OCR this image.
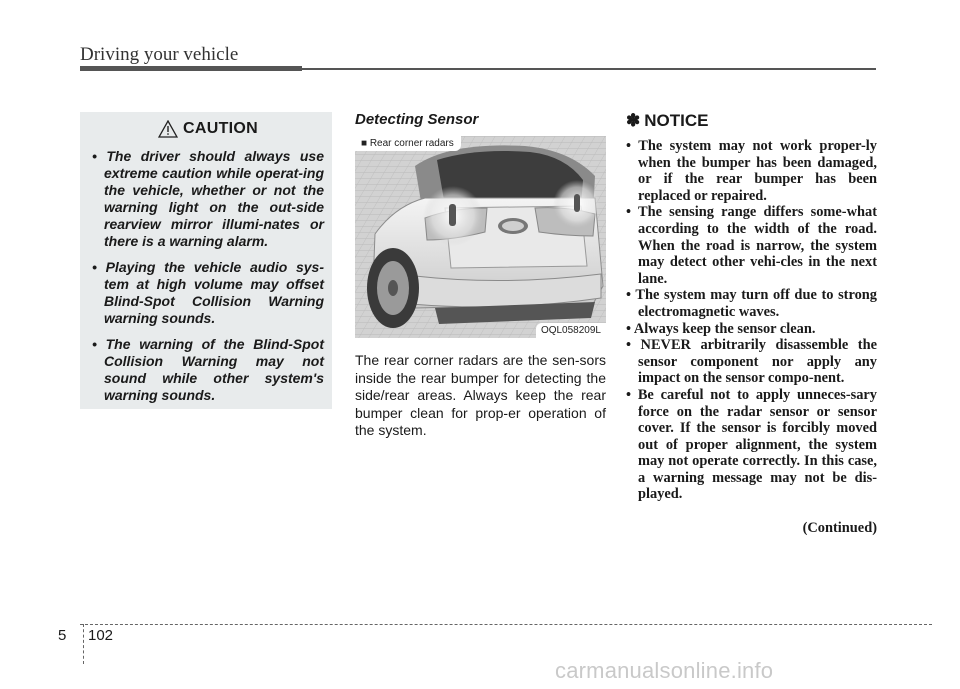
Driving your vehicle
CAUTION
• The driver should always use extreme caution while operat-ing the vehicle, whether or not the warning light on the out-side rearview mirror illumi-nates or there is a warning alarm.
• Playing the vehicle audio sys-tem at high volume may offset Blind-Spot Collision Warning warning sounds.
• The warning of the Blind-Spot Collision Warning may not sound while other system's warning sounds.
Detecting Sensor
■ Rear corner radars
OQL058209L
The rear corner radars are the sen-sors inside the rear bumper for detecting the side/rear areas. Always keep the rear bumper clean for prop-er operation of the system.
✽ NOTICE
• The system may not work proper-ly when the bumper has been damaged, or if the rear bumper has been replaced or repaired.
• The sensing range differs some-what according to the width of the road. When the road is narrow, the system may detect other vehi-cles in the next lane.
• The system may turn off due to strong electromagnetic waves.
• Always keep the sensor clean.
• NEVER arbitrarily disassemble the sensor component nor apply any impact on the sensor compo-nent.
• Be careful not to apply unneces-sary force on the radar sensor or sensor cover. If the sensor is forcibly moved out of proper alignment, the system may not operate correctly. In this case, a warning message may not be dis-played.
(Continued)
5 102
carmanualsonline.info
